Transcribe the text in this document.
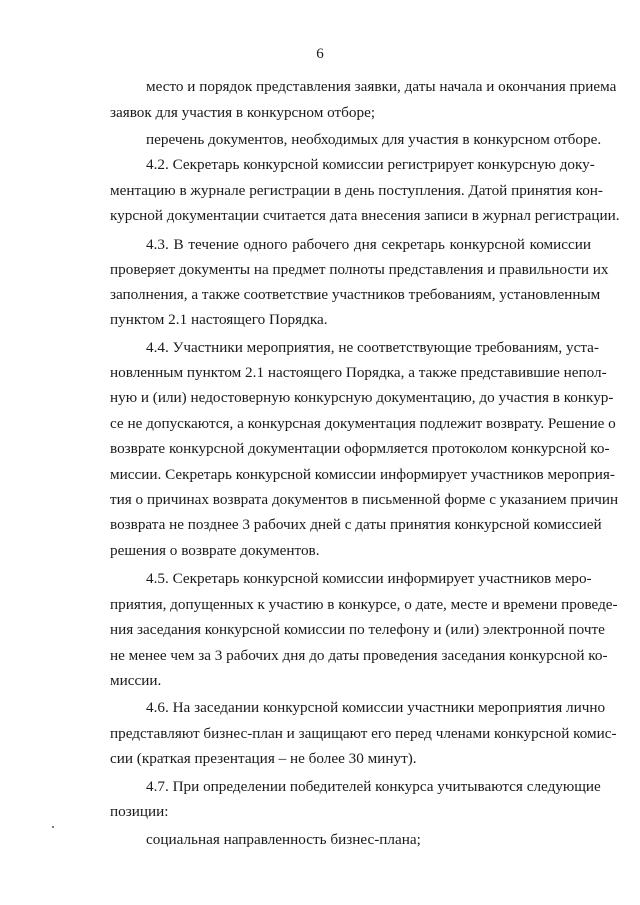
6

место и порядок представления заявки, даты начала и окончания приема

заявок для участия в конкурсном отборе;

перечень документов, необходимых для участия в конкурсном отборе.

4.2. Секретарь конкурсной комиссии регистрирует конкурсную доку-

ментацию в журнале регистрации в день поступления. Датой принятия кон-

курсной документации считается дата внесения записи в журнал регистрации.

4.3. В течение одного рабочего дня секретарь конкурсной комиссии

проверяет документы на предмет полноты представления и правильности их

заполнения, а также соответствие участников требованиям, установленным

пунктом 2.1 настоящего Порядка.

4.4. Участники мероприятия, не соответствующие требованиям, уста-

новленным пунктом 2.1 настоящего Порядка, а также представившие непол-

ную и (или) недостоверную конкурсную документацию, до участия в конкур-

се не допускаются, а конкурсная документация подлежит возврату. Решение о

возврате конкурсной документации оформляется протоколом конкурсной ко-

миссии. Секретарь конкурсной комиссии информирует участников мероприя-

тия о причинах возврата документов в письменной форме с указанием причин

возврата не позднее 3 рабочих дней с даты принятия конкурсной комиссией

решения о возврате документов.

4.5. Секретарь конкурсной комиссии информирует участников меро-

приятия, допущенных к участию в конкурсе, о дате, месте и времени проведе-

ния заседания конкурсной комиссии по телефону и (или) электронной почте

не менее чем за 3 рабочих дня до даты проведения заседания конкурсной ко-

миссии.

4.6. На заседании конкурсной комиссии участники мероприятия лично

представляют бизнес-план и защищают его перед членами конкурсной комис-

сии (краткая презентация – не более 30 минут).

4.7. При определении победителей конкурса учитываются следующие

позиции:

социальная направленность бизнес-плана;
